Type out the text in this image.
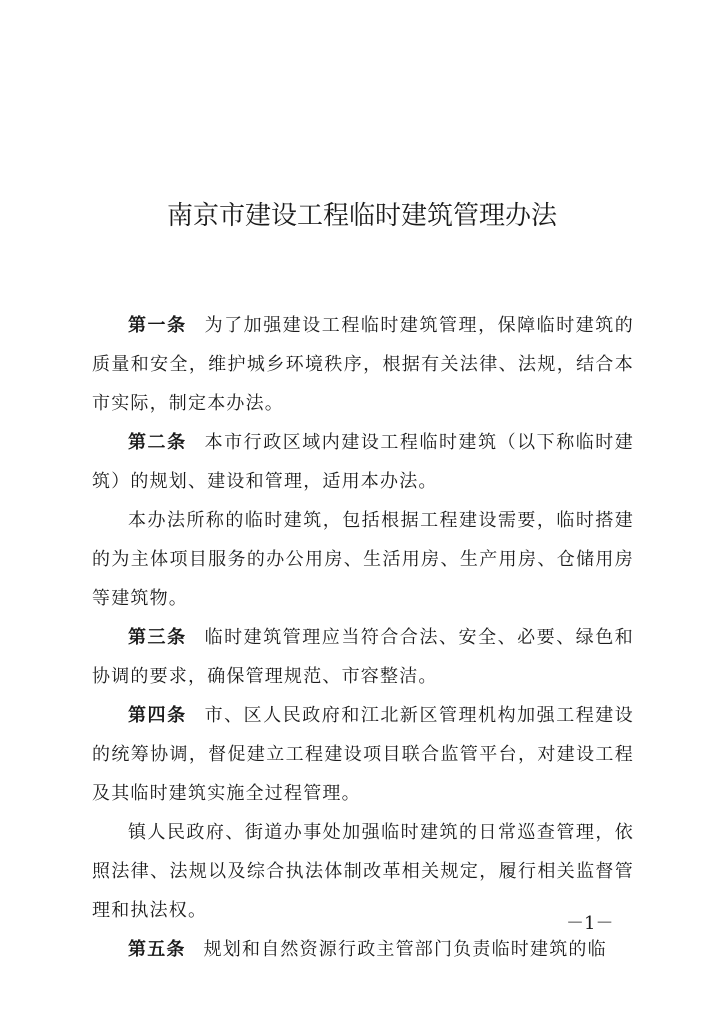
南京市建设工程临时建筑管理办法

第一条 为了加强建设工程临时建筑管理，保障临时建筑的质量和安全，维护城乡环境秩序，根据有关法律、法规，结合本市实际，制定本办法。

第二条 本市行政区域内建设工程临时建筑（以下称临时建筑）的规划、建设和管理，适用本办法。

本办法所称的临时建筑，包括根据工程建设需要，临时搭建的为主体项目服务的办公用房、生活用房、生产用房、仓储用房等建筑物。

第三条 临时建筑管理应当符合合法、安全、必要、绿色和协调的要求，确保管理规范、市容整洁。

第四条 市、区人民政府和江北新区管理机构加强工程建设的统筹协调，督促建立工程建设项目联合监管平台，对建设工程及其临时建筑实施全过程管理。

镇人民政府、街道办事处加强临时建筑的日常巡查管理，依照法律、法规以及综合执法体制改革相关规定，履行相关监督管理和执法权。

第五条 规划和自然资源行政主管部门负责临时建筑的临

－1－
